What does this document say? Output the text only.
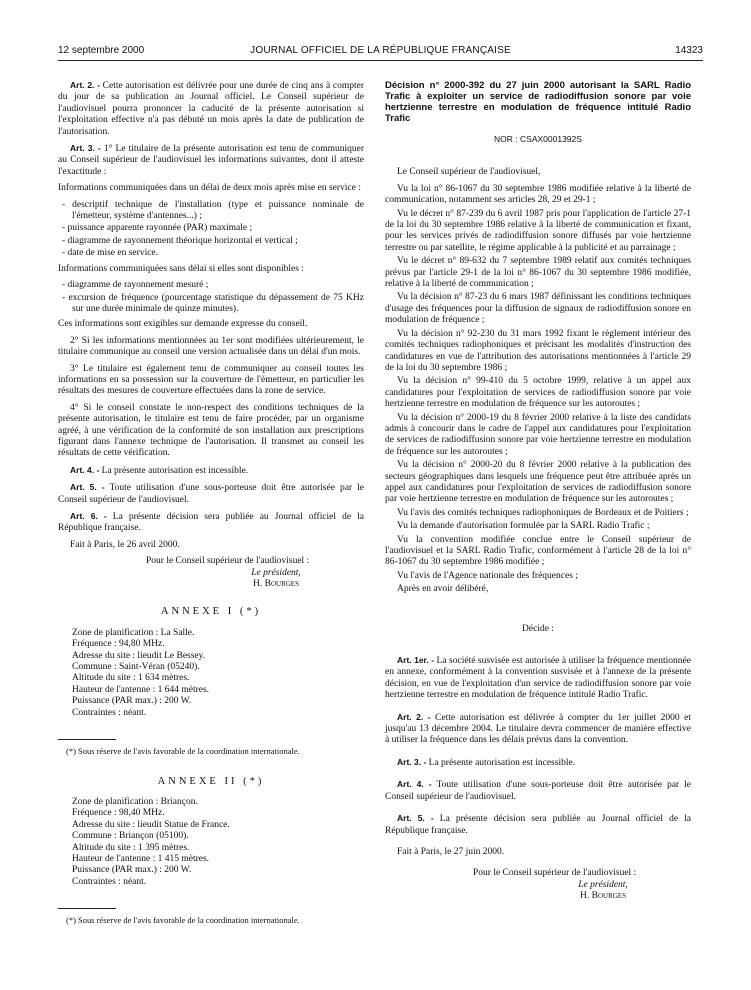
12 septembre 2000	JOURNAL OFFICIEL DE LA RÉPUBLIQUE FRANÇAISE	14323

Art. 2. - Cette autorisation est délivrée pour une durée de cinq ans à compter du jour de sa publication au Journal officiel. Le Conseil supérieur de l'audiovisuel pourra prononcer la caducité de la présente autorisation si l'exploitation effective n'a pas débuté un mois après la date de publication de l'autorisation.

Art. 3. - 1° Le titulaire de la présente autorisation est tenu de communiquer au Conseil supérieur de l'audiovisuel les informations suivantes, dont il atteste l'exactitude :

Informations communiquées dans un délai de deux mois après mise en service :

- descriptif technique de l'installation (type et puissance nominale de l'émetteur, système d'antennes...) ;

- puissance apparente rayonnée (PAR) maximale ;

- diagramme de rayonnement théorique horizontal et vertical ;

- date de mise en service.

Informations communiquées sans délai si elles sont disponibles :

- diagramme de rayonnement mesuré ;

- excursion de fréquence (pourcentage statistique du dépassement de 75 KHz sur une durée minimale de quinze minutes).

Ces informations sont exigibles sur demande expresse du conseil.

2° Si les informations mentionnées au 1er sont modifiées ultérieurement, le titulaire communique au conseil une version actualisée dans un délai d'un mois.

3° Le titulaire est également tenu de communiquer au conseil toutes les informations en sa possession sur la couverture de l'émetteur, en particulier les résultats des mesures de couverture effectuées dans la zone de service.

4° Si le conseil constate le non-respect des conditions techniques de la présente autorisation, le titulaire est tenu de faire procéder, par un organisme agréé, à une vérification de la conformité de son installation aux prescriptions figurant dans l'annexe technique de l'autorisation. Il transmet au conseil les résultats de cette vérification.

Art. 4. - La présente autorisation est incessible.

Art. 5. - Toute utilisation d'une sous-porteuse doit être autorisée par le Conseil supérieur de l'audiovisuel.

Art. 6. - La présente décision sera publiée au Journal officiel de la République française.

Fait à Paris, le 26 avril 2000.

Pour le Conseil supérieur de l'audiovisuel :

Le président,

H. Bourges

ANNEXE I (*)

Zone de planification : La Salle.

Fréquence : 94,80 MHz.

Adresse du site : lieudit Le Bessey.

Commune : Saint-Véran (05240).

Altitude du site : 1 634 mètres.

Hauteur de l'antenne : 1 644 mètres.

Puissance (PAR max.) : 200 W.

Contraintes : néant.

(*) Sous réserve de l'avis favorable de la coordination internationale.

ANNEXE II (*)

Zone de planification : Briançon.

Fréquence : 98,40 MHz.

Adresse du site : lieudit Statue de France.

Commune : Briançon (05100).

Altitude du site : 1 395 mètres.

Hauteur de l'antenne : 1 415 mètres.

Puissance (PAR max.) : 200 W.

Contraintes : néant.

(*) Sous réserve de l'avis favorable de la coordination internationale.

Décision n° 2000-392 du 27 juin 2000 autorisant la SARL Radio Trafic à exploiter un service de radiodiffusion sonore par voie hertzienne terrestre en modulation de fréquence intitulé Radio Trafic

NOR : CSAX0001392S

Le Conseil supérieur de l'audiovisuel,

Vu la loi n° 86-1067 du 30 septembre 1986 modifiée relative à la liberté de communication, notamment ses articles 28, 29 et 29-1 ;

Vu le décret n° 87-239 du 6 avril 1987 pris pour l'application de l'article 27-1 de la loi du 30 septembre 1986 relative à la liberté de communication et fixant, pour les services privés de radiodiffusion sonore diffusés par voie hertzienne terrestre ou par satellite, le régime applicable à la publicité et au parrainage ;

Vu le décret n° 89-632 du 7 septembre 1989 relatif aux comités techniques prévus par l'article 29-1 de la loi n° 86-1067 du 30 septembre 1986 modifiée, relative à la liberté de communication ;

Vu la décision n° 87-23 du 6 mars 1987 définissant les conditions techniques d'usage des fréquences pour la diffusion de signaux de radiodiffusion sonore en modulation de fréquence ;

Vu la décision n° 92-230 du 31 mars 1992 fixant le règlement intérieur des comités techniques radiophoniques et précisant les modalités d'instruction des candidatures en vue de l'attribution des autorisations mentionnées à l'article 29 de la loi du 30 septembre 1986 ;

Vu la décision n° 99-410 du 5 octobre 1999, relative à un appel aux candidatures pour l'exploitation de services de radiodiffusion sonore par voie hertzienne terrestre en modulation de fréquence sur les autoroutes ;

Vu la décision n° 2000-19 du 8 février 2000 relative à la liste des candidats admis à concourir dans le cadre de l'appel aux candidatures pour l'exploitation de services de radiodiffusion sonore par voie hertzienne terrestre en modulation de fréquence sur les autoroutes ;

Vu la décision n° 2000-20 du 8 février 2000 relative à la publication des secteurs géographiques dans lesquels une fréquence peut être attribuée après un appel aux candidatures pour l'exploitation de services de radiodiffusion sonore par voie hertzienne terrestre en modulation de fréquence sur les autoroutes ;

Vu l'avis des comités techniques radiophoniques de Bordeaux et de Poitiers ;

Vu la demande d'autorisation formulée par la SARL Radio Trafic ;

Vu la convention modifiée conclue entre le Conseil supérieur de l'audiovisuel et la SARL Radio Trafic, conformément à l'article 28 de la loi n° 86-1067 du 30 septembre 1986 modifiée ;

Vu l'avis de l'Agence nationale des fréquences ;

Après en avoir délibéré,

Décide :

Art. 1er. - La société susvisée est autorisée à utiliser la fréquence mentionnée en annexe, conformément à la convention susvisée et à l'annexe de la présente décision, en vue de l'exploitation d'un service de radiodiffusion sonore par voie hertzienne terrestre en modulation de fréquence intitulé Radio Trafic.

Art. 2. - Cette autorisation est délivrée à compter du 1er juillet 2000 et jusqu'au 13 décembre 2004. Le titulaire devra commencer de manière effective à utiliser la fréquence dans les délais prévus dans la convention.

Art. 3. - La présente autorisation est incessible.

Art. 4. - Toute utilisation d'une sous-porteuse doit être autorisée par le Conseil supérieur de l'audiovisuel.

Art. 5. - La présente décision sera publiée au Journal officiel de la République française.

Fait à Paris, le 27 juin 2000.

Pour le Conseil supérieur de l'audiovisuel :

Le président,

H. Bourges
